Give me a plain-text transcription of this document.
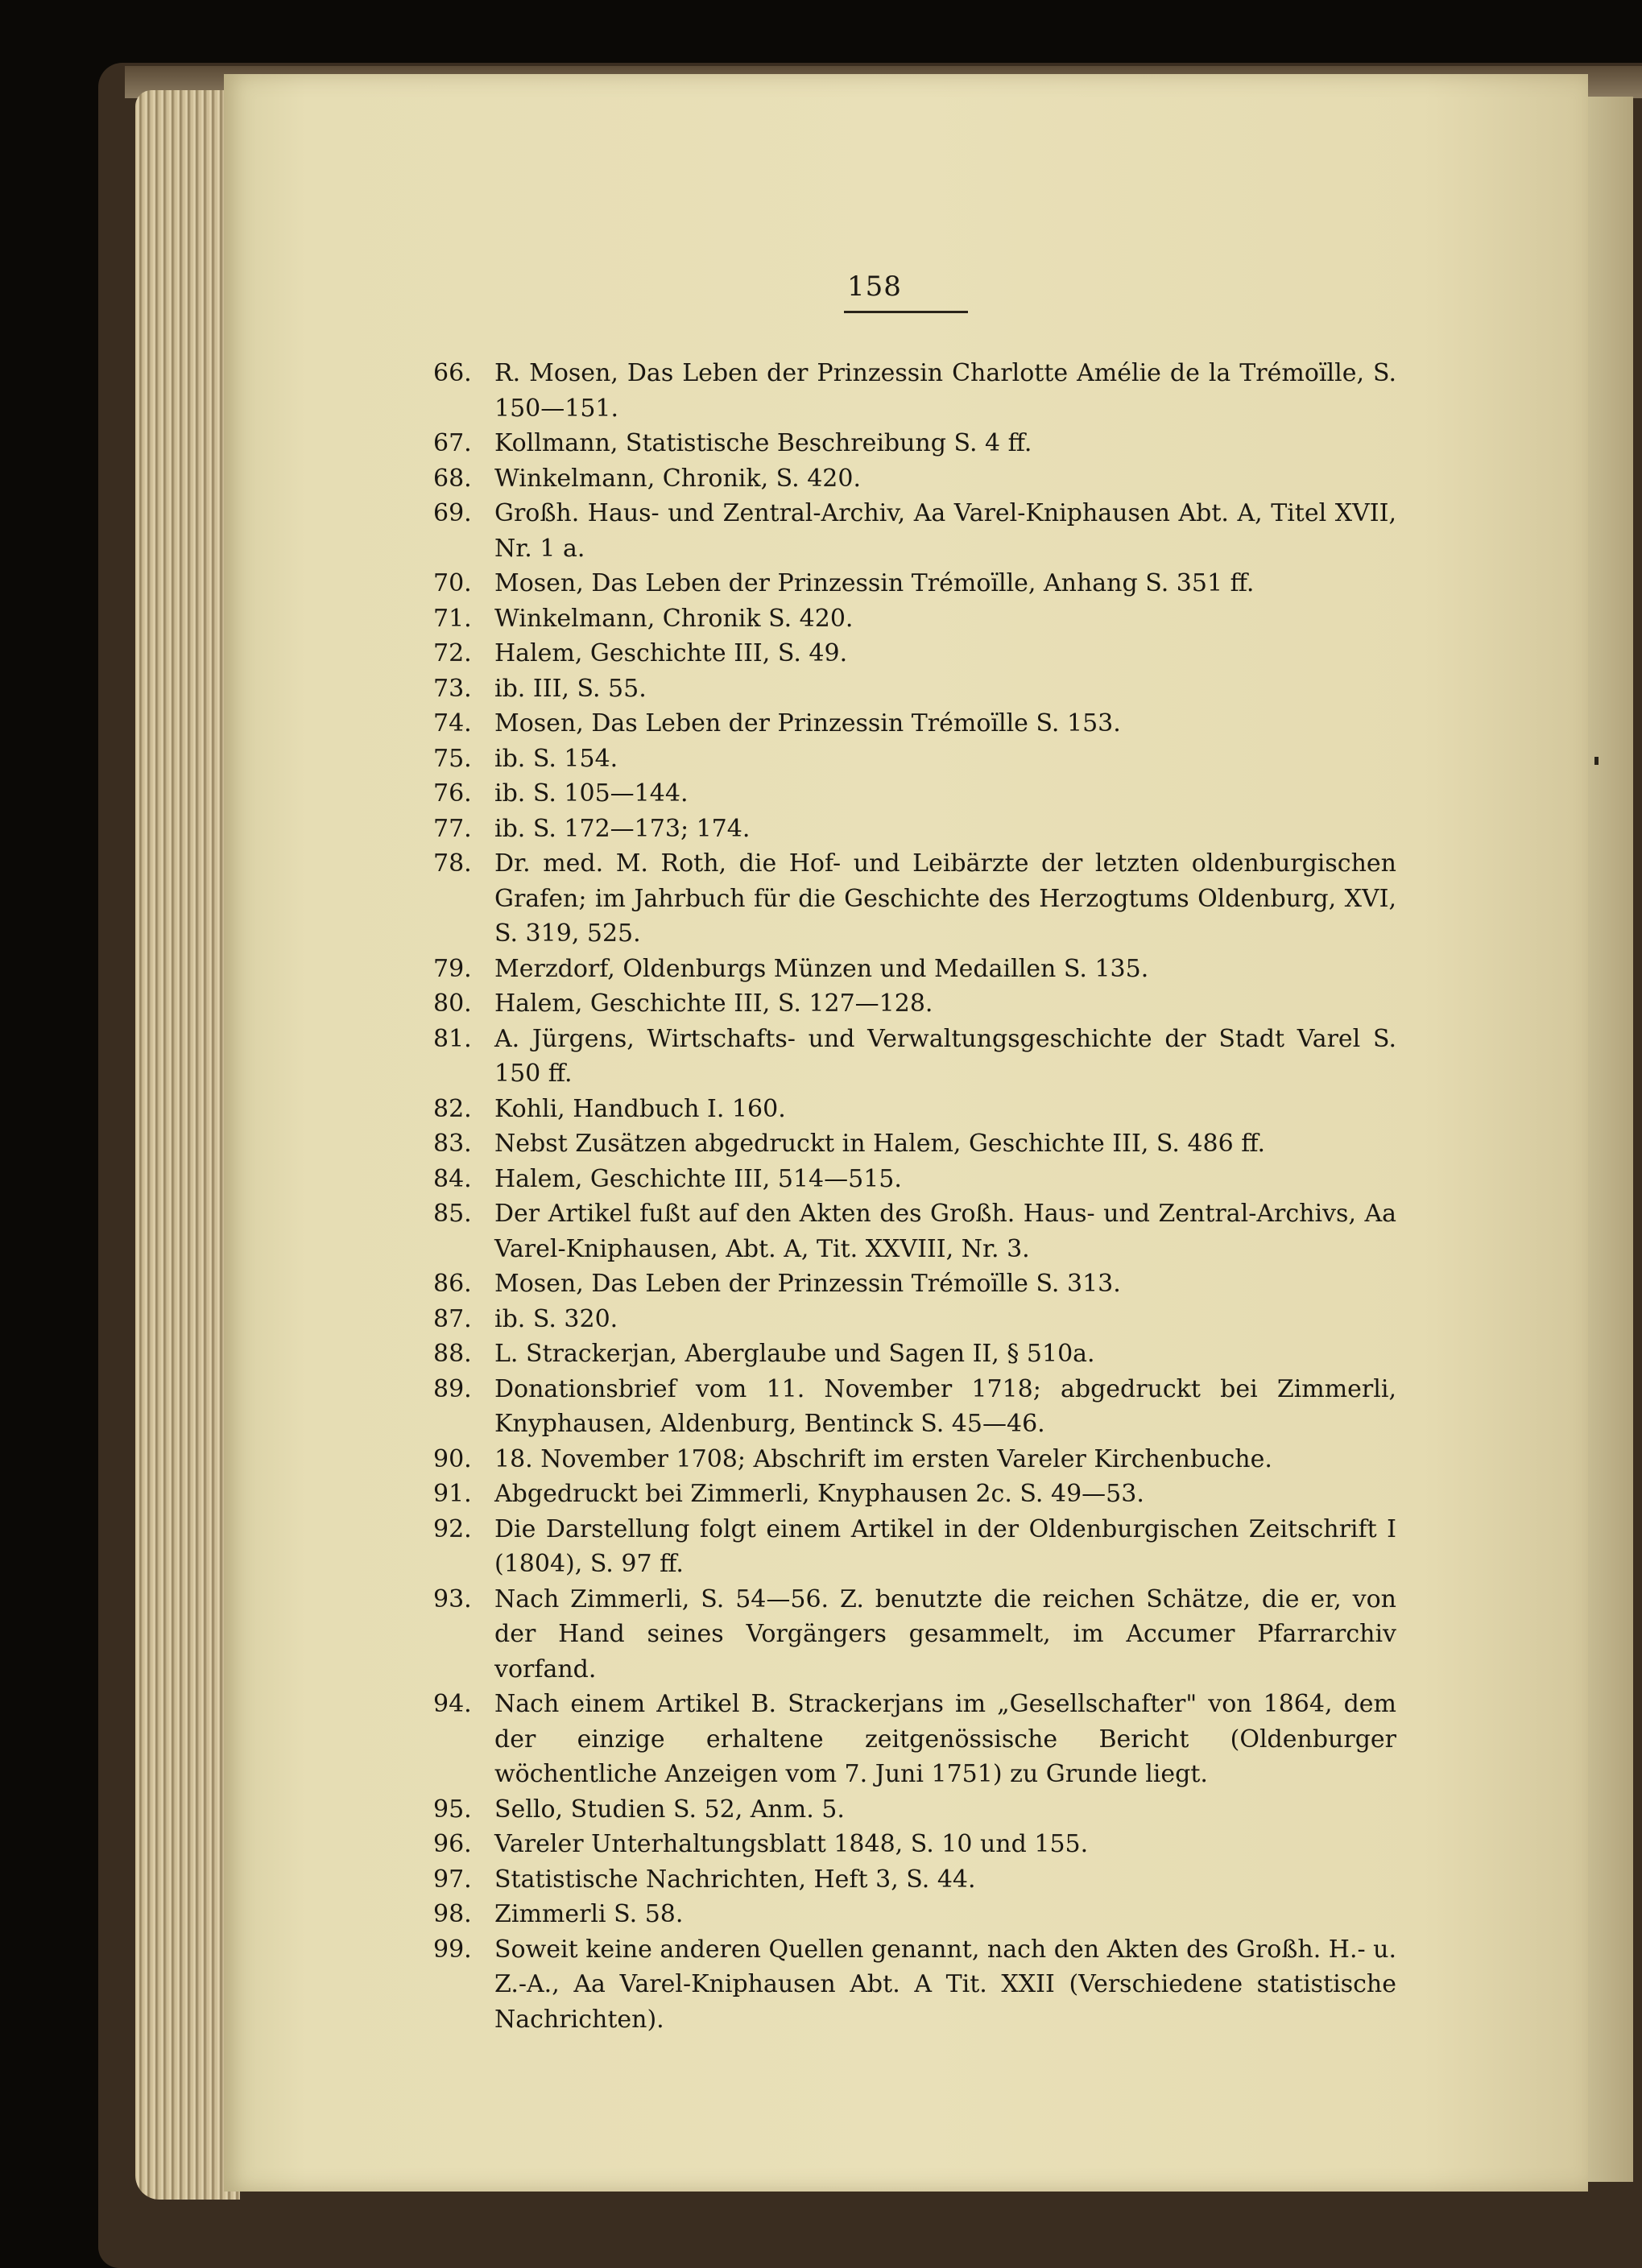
158
66. R. Mosen, Das Leben der Prinzessin Charlotte Amélie de la Trémoïlle, S. 150—151.
67. Kollmann, Statistische Beschreibung S. 4 ff.
68. Winkelmann, Chronik, S. 420.
69. Großh. Haus- und Zentral-Archiv, Aa Varel-Kniphausen Abt. A, Titel XVII, Nr. 1 a.
70. Mosen, Das Leben der Prinzessin Trémoïlle, Anhang S. 351 ff.
71. Winkelmann, Chronik S. 420.
72. Halem, Geschichte III, S. 49.
73. ib. III, S. 55.
74. Mosen, Das Leben der Prinzessin Trémoïlle S. 153.
75. ib. S. 154.
76. ib. S. 105—144.
77. ib. S. 172—173; 174.
78. Dr. med. M. Roth, die Hof- und Leibärzte der letzten oldenburgischen Grafen; im Jahrbuch für die Geschichte des Herzogtums Oldenburg, XVI, S. 319, 525.
79. Merzdorf, Oldenburgs Münzen und Medaillen S. 135.
80. Halem, Geschichte III, S. 127—128.
81. A. Jürgens, Wirtschafts- und Verwaltungsgeschichte der Stadt Varel S. 150 ff.
82. Kohli, Handbuch I. 160.
83. Nebst Zusätzen abgedruckt in Halem, Geschichte III, S. 486 ff.
84. Halem, Geschichte III, 514—515.
85. Der Artikel fußt auf den Akten des Großh. Haus- und Zentral-Archivs, Aa Varel-Kniphausen, Abt. A, Tit. XXVIII, Nr. 3.
86. Mosen, Das Leben der Prinzessin Trémoïlle S. 313.
87. ib. S. 320.
88. L. Strackerjan, Aberglaube und Sagen II, § 510a.
89. Donationsbrief vom 11. November 1718; abgedruckt bei Zimmerli, Knyphausen, Aldenburg, Bentinck S. 45—46.
90. 18. November 1708; Abschrift im ersten Vareler Kirchenbuche.
91. Abgedruckt bei Zimmerli, Knyphausen 2c. S. 49—53.
92. Die Darstellung folgt einem Artikel in der Oldenburgischen Zeitschrift I (1804), S. 97 ff.
93. Nach Zimmerli, S. 54—56. Z. benutzte die reichen Schätze, die er, von der Hand seines Vorgängers gesammelt, im Accumer Pfarrarchiv vorfand.
94. Nach einem Artikel B. Strackerjans im „Gesellschafter" von 1864, dem der einzige erhaltene zeitgenössische Bericht (Oldenburger wöchentliche Anzeigen vom 7. Juni 1751) zu Grunde liegt.
95. Sello, Studien S. 52, Anm. 5.
96. Vareler Unterhaltungsblatt 1848, S. 10 und 155.
97. Statistische Nachrichten, Heft 3, S. 44.
98. Zimmerli S. 58.
99. Soweit keine anderen Quellen genannt, nach den Akten des Großh. H.- u. Z.-A., Aa Varel-Kniphausen Abt. A Tit. XXII (Verschiedene statistische Nachrichten).
